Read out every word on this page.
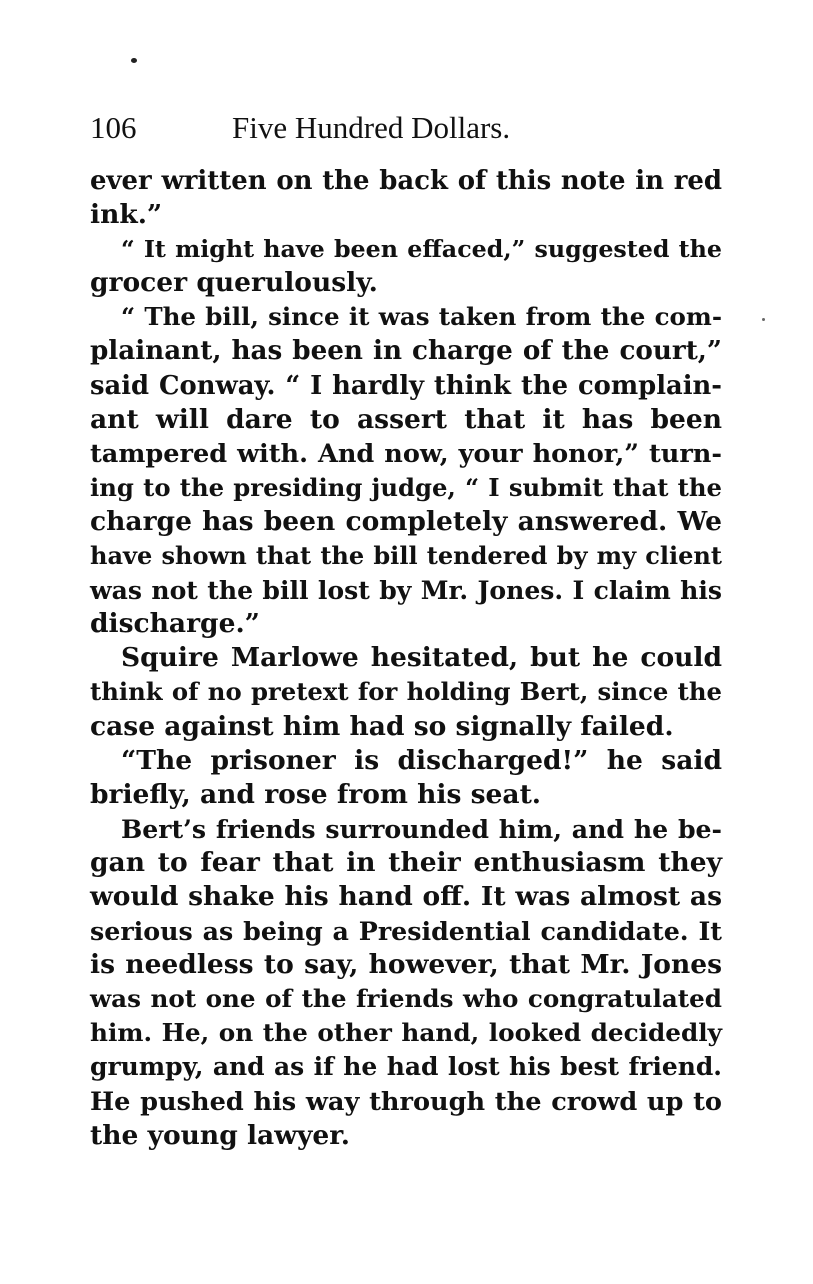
106	Five Hundred Dollars.
ever written on the back of this note in red
ink.”
“ It might have been effaced,” suggested the
grocer querulously.
“ The bill, since it was taken from the com-
plainant, has been in charge of the court,”
said Conway. “ I hardly think the complain-
ant will dare to assert that it has been
tampered with. And now, your honor,” turn-
ing to the presiding judge, “ I submit that the
charge has been completely answered. We
have shown that the bill tendered by my client
was not the bill lost by Mr. Jones. I claim his
discharge.”
Squire Marlowe hesitated, but he could
think of no pretext for holding Bert, since the
case against him had so signally failed.
“The prisoner is discharged!” he said
briefly, and rose from his seat.
Bert’s friends surrounded him, and he be-
gan to fear that in their enthusiasm they
would shake his hand off. It was almost as
serious as being a Presidential candidate. It
is needless to say, however, that Mr. Jones
was not one of the friends who congratulated
him. He, on the other hand, looked decidedly
grumpy, and as if he had lost his best friend.
He pushed his way through the crowd up to
the young lawyer.
